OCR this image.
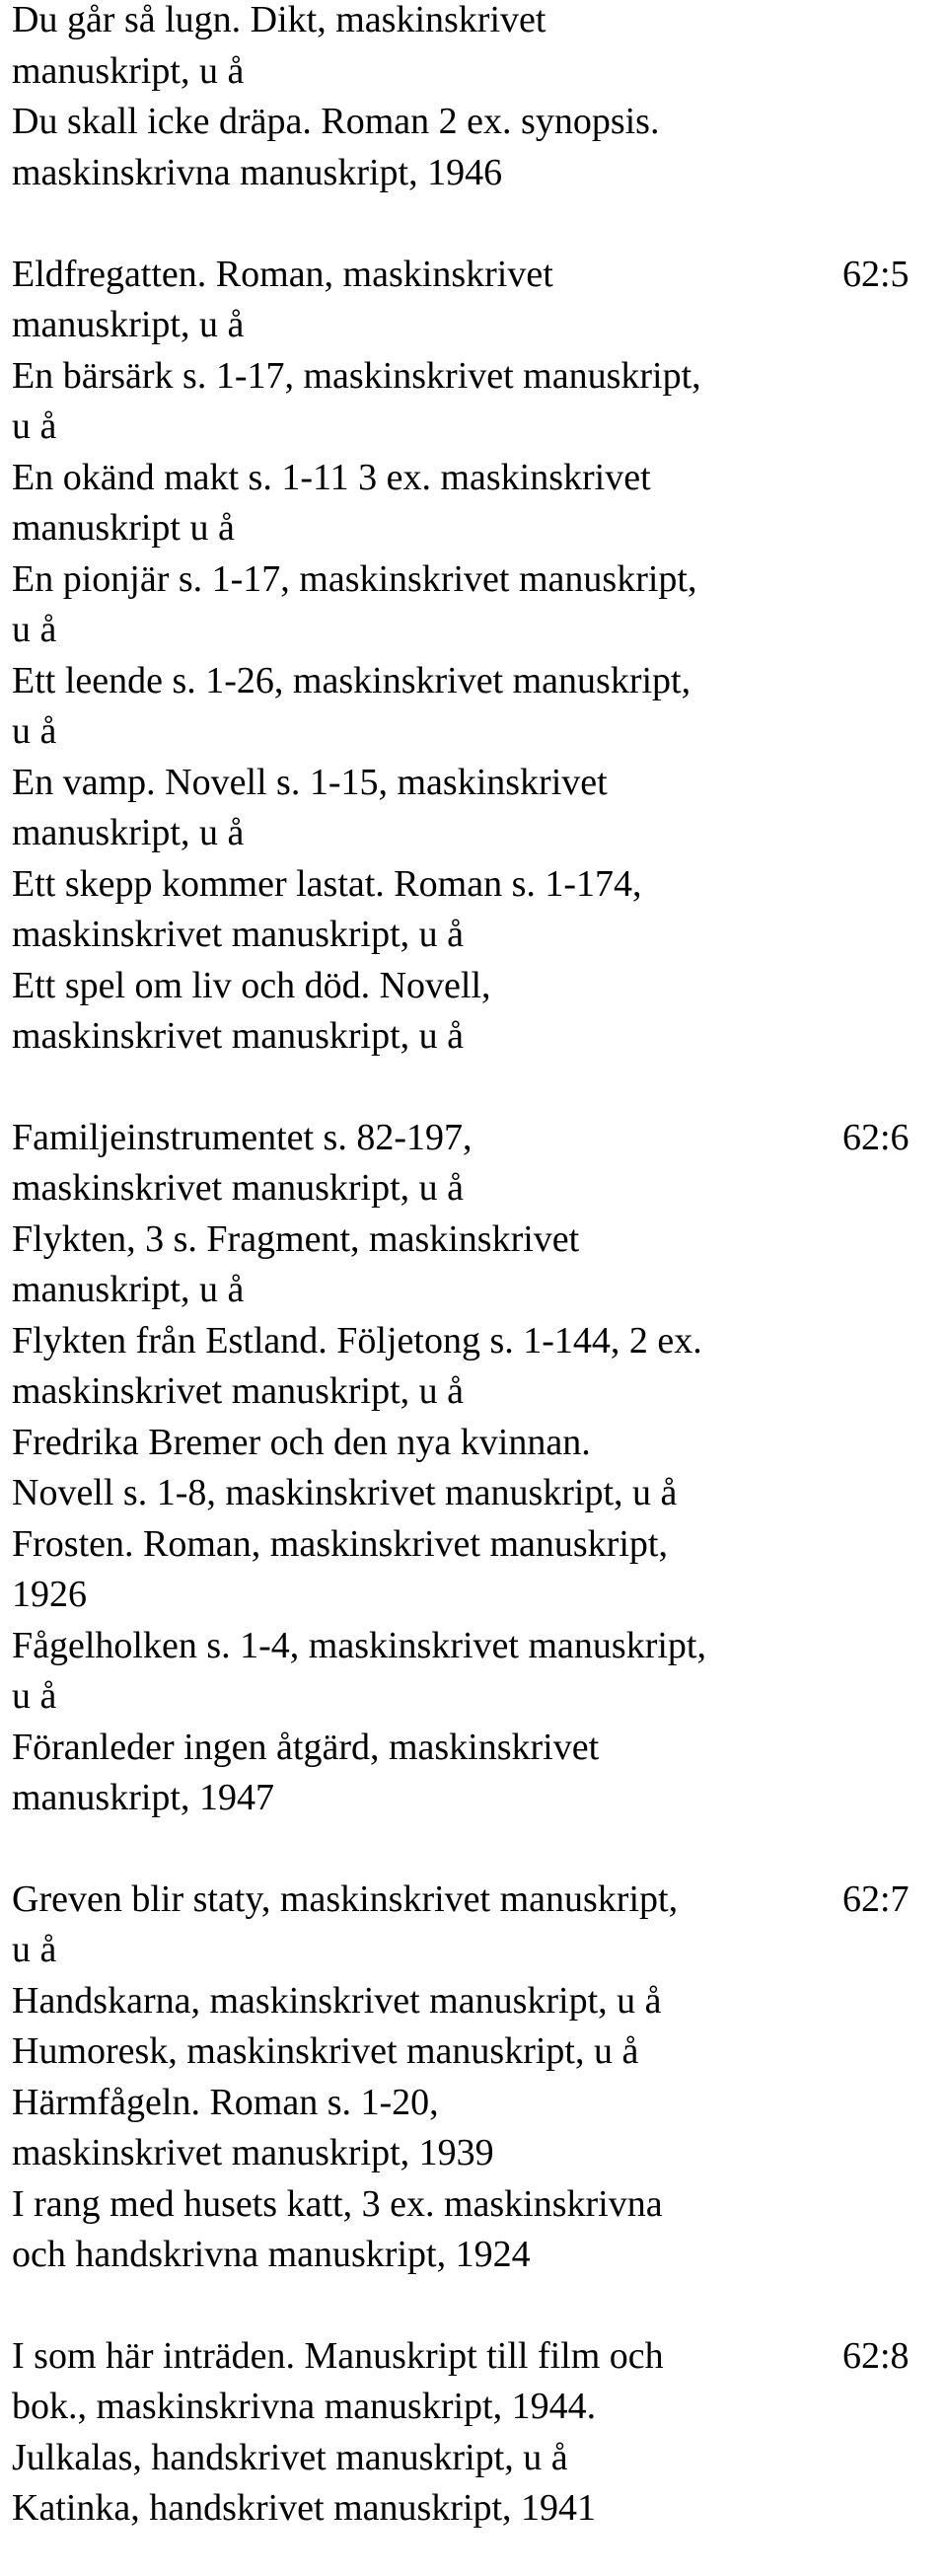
Du går så lugn. Dikt, maskinskrivet
manuskript, u å
Du skall icke dräpa. Roman 2 ex. synopsis.
maskinskrivna manuskript, 1946
Eldfregatten. Roman, maskinskrivet	62:5
manuskript, u å
En bärsärk s. 1-17, maskinskrivet manuskript,
u å
En okänd makt s. 1-11 3 ex. maskinskrivet
manuskript u å
En pionjär s. 1-17, maskinskrivet manuskript,
u å
Ett leende s. 1-26, maskinskrivet manuskript,
u å
En vamp. Novell s. 1-15, maskinskrivet
manuskript, u å
Ett skepp kommer lastat. Roman s. 1-174,
maskinskrivet manuskript, u å
Ett spel om liv och död. Novell,
maskinskrivet manuskript, u å
Familjeinstrumentet s. 82-197,	62:6
maskinskrivet manuskript, u å
Flykten, 3 s. Fragment, maskinskrivet
manuskript, u å
Flykten från Estland. Följetong s. 1-144, 2 ex.
maskinskrivet manuskript, u å
Fredrika Bremer och den nya kvinnan.
Novell s. 1-8, maskinskrivet manuskript, u å
Frosten. Roman, maskinskrivet manuskript,
1926
Fågelholken s. 1-4, maskinskrivet manuskript,
u å
Föranleder ingen åtgärd, maskinskrivet
manuskript, 1947
Greven blir staty, maskinskrivet manuskript,	62:7
u å
Handskarna, maskinskrivet manuskript, u å
Humoresk, maskinskrivet manuskript, u å
Härmfågeln. Roman s. 1-20,
maskinskrivet manuskript, 1939
I rang med husets katt, 3 ex. maskinskrivna
och handskrivna manuskript, 1924
I som här inträden. Manuskript till film och	62:8
bok., maskinskrivna manuskript, 1944.
Julkalas, handskrivet manuskript, u å
Katinka, handskrivet manuskript, 1941
